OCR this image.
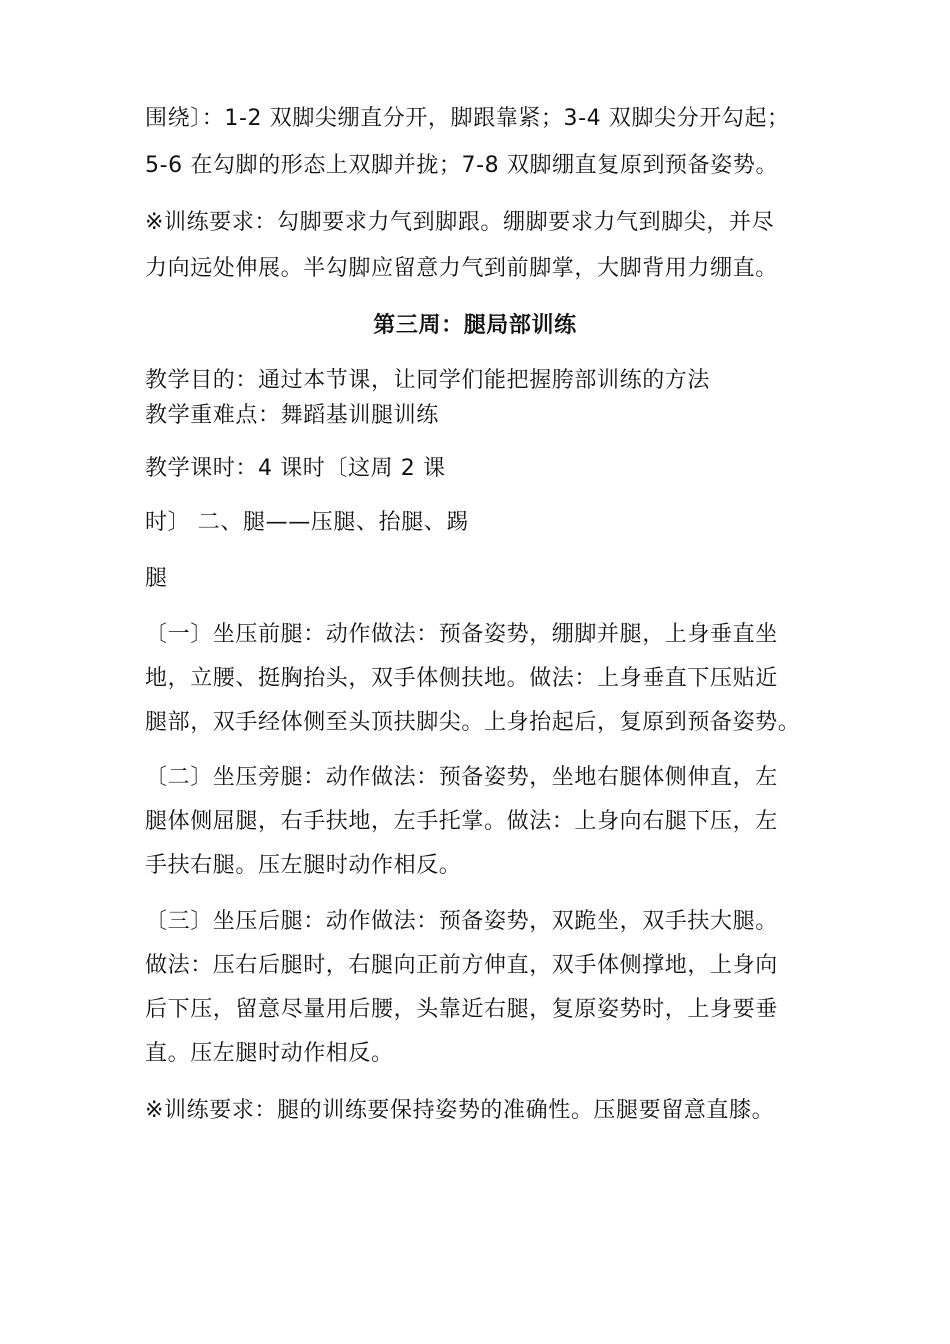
围绕〕：1-2 双脚尖绷直分开，脚跟靠紧；3-4 双脚尖分开勾起；
5-6 在勾脚的形态上双脚并拢；7-8 双脚绷直复原到预备姿势。
※训练要求：勾脚要求力气到脚跟。绷脚要求力气到脚尖，并尽
力向远处伸展。半勾脚应留意力气到前脚掌，大脚背用力绷直。
第三周：腿局部训练
教学目的：通过本节课，让同学们能把握胯部训练的方法
教学重难点：舞蹈基训腿训练
教学课时：4 课时〔这周 2 课
时〕 二、腿——压腿、抬腿、踢
腿
〔一〕坐压前腿：动作做法：预备姿势，绷脚并腿，上身垂直坐
地，立腰、挺胸抬头，双手体侧扶地。做法：上身垂直下压贴近
腿部，双手经体侧至头顶扶脚尖。上身抬起后，复原到预备姿势。
〔二〕坐压旁腿：动作做法：预备姿势，坐地右腿体侧伸直，左
腿体侧屈腿，右手扶地，左手托掌。做法：上身向右腿下压，左
手扶右腿。压左腿时动作相反。
〔三〕坐压后腿：动作做法：预备姿势，双跪坐，双手扶大腿。
做法：压右后腿时，右腿向正前方伸直，双手体侧撑地，上身向
后下压，留意尽量用后腰，头靠近右腿，复原姿势时，上身要垂
直。压左腿时动作相反。
※训练要求：腿的训练要保持姿势的准确性。压腿要留意直膝。
